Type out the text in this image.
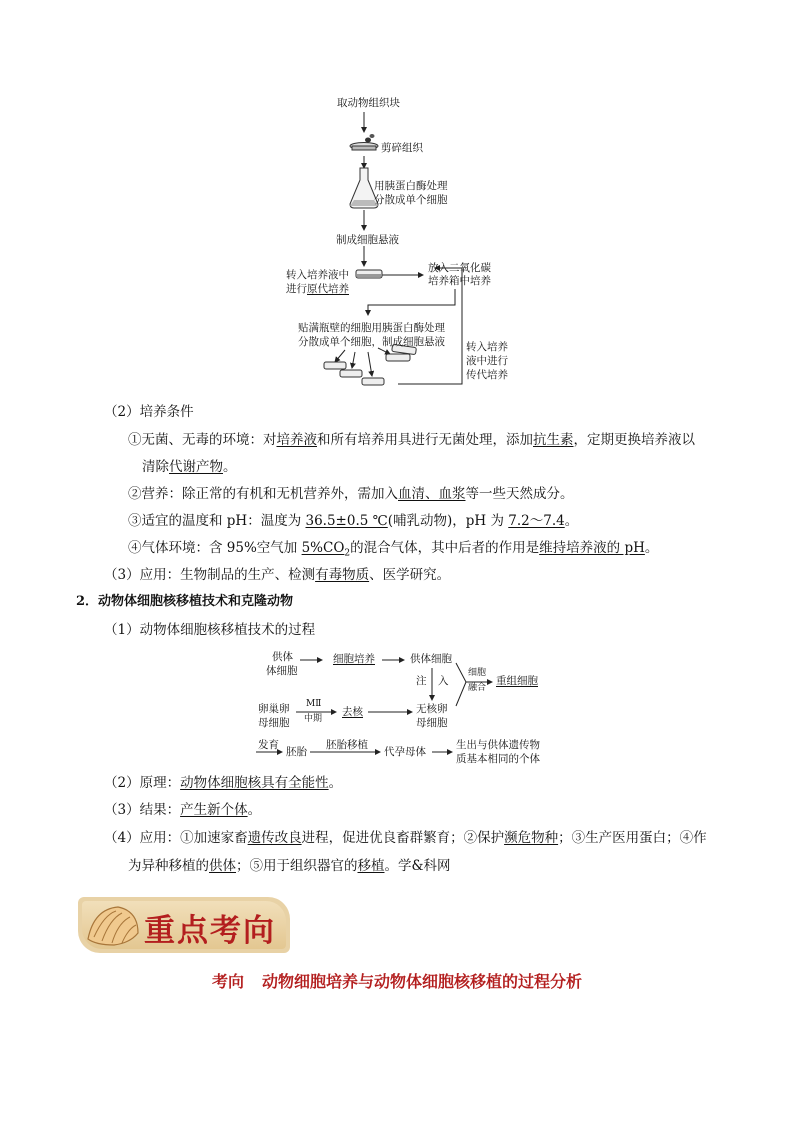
取动物组织块
剪碎组织
用胰蛋白酶处理
分散成单个细胞
制成细胞悬液
转入培养液中
进行原代培养
放入二氧化碳
培养箱中培养
贴满瓶壁的细胞用胰蛋白酶处理
分散成单个细胞，制成细胞悬液 转入培养
液中进行
传代培养
（2）培养条件
①无菌、无毒的环境：对培养液和所有培养用具进行无菌处理，添加抗生素，定期更换培养液以
清除代谢产物。
②营养：除正常的有机和无机营养外，需加入血清、血浆等一些天然成分。
③适宜的温度和 pH：温度为 36.5±0.5 ℃(哺乳动物)，pH 为 7.2～7.4。
④气体环境：含 95%空气加 $5\%CO_2$的混合气体，其中后者的作用是维持培养液的 pH。
（3）应用：生物制品的生产、检测有毒物质、医学研究。
2．动物体细胞核移植技术和克隆动物
（1）动物体细胞核移植技术的过程
供体
体细胞
细胞培养	供体细胞
注 入
细胞
融合
重组细胞
卵巢卵
母细胞
MⅡ
中期
去核	无核卵
母细胞
发育
胚胎
胚胎移植
代孕母体
生出与供体遗传物
质基本相同的个体
（2）原理：动物体细胞核具有全能性。
（3）结果：产生新个体。
（4）应用：①加速家畜遗传改良进程，促进优良畜群繁育；②保护濒危物种；③生产医用蛋白；④作
为异种移植的供体；⑤用于组织器官的移植。学&科网
重点考向
考向 动物细胞培养与动物体细胞核移植的过程分析
